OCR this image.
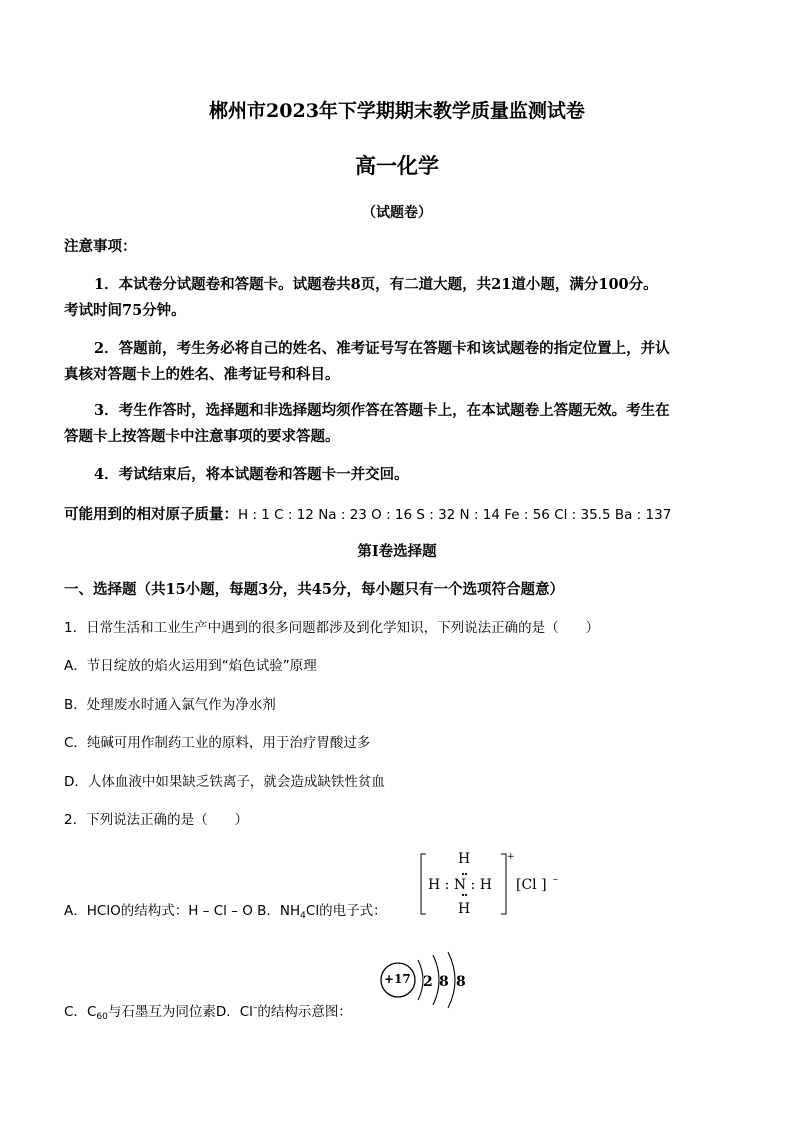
郴州市2023年下学期期末教学质量监测试卷
高一化学
（试题卷）
注意事项：
1．本试卷分试题卷和答题卡。试题卷共8页，有二道大题，共21道小题，满分100分。
考试时间75分钟。
2．答题前，考生务必将自己的姓名、准考证号写在答题卡和该试题卷的指定位置上，并认
真核对答题卡上的姓名、准考证号和科目。
3．考生作答时，选择题和非选择题均须作答在答题卡上，在本试题卷上答题无效。考生在
答题卡上按答题卡中注意事项的要求答题。
4．考试结束后，将本试题卷和答题卡一并交回。
可能用到的相对原子质量：H : 1 C : 12 Na : 23 O : 16 S : 32 N : 14 Fe : 56 Cl : 35.5 Ba : 137
第Ⅰ卷选择题
一、选择题（共15小题，每题3分，共45分，每小题只有一个选项符合题意）
1．日常生活和工业生产中遇到的很多问题都涉及到化学知识，下列说法正确的是（　　）
A．节日绽放的焰火运用到“焰色试验”原理
B．处理废水时通入氯气作为净水剂
C．纯碱可用作制药工业的原料，用于治疗胃酸过多
D．人体血液中如果缺乏铁离子，就会造成缺铁性贫血
2．下列说法正确的是（　　）
H
H : N : H
H
+
[Cl ] –
A．HClO的结构式：H – Cl – O B．$NH_4Cl$的电子式：
+17 2 8 8
C．$C_{60}$与石墨互为同位素D．Cl–的结构示意图：
